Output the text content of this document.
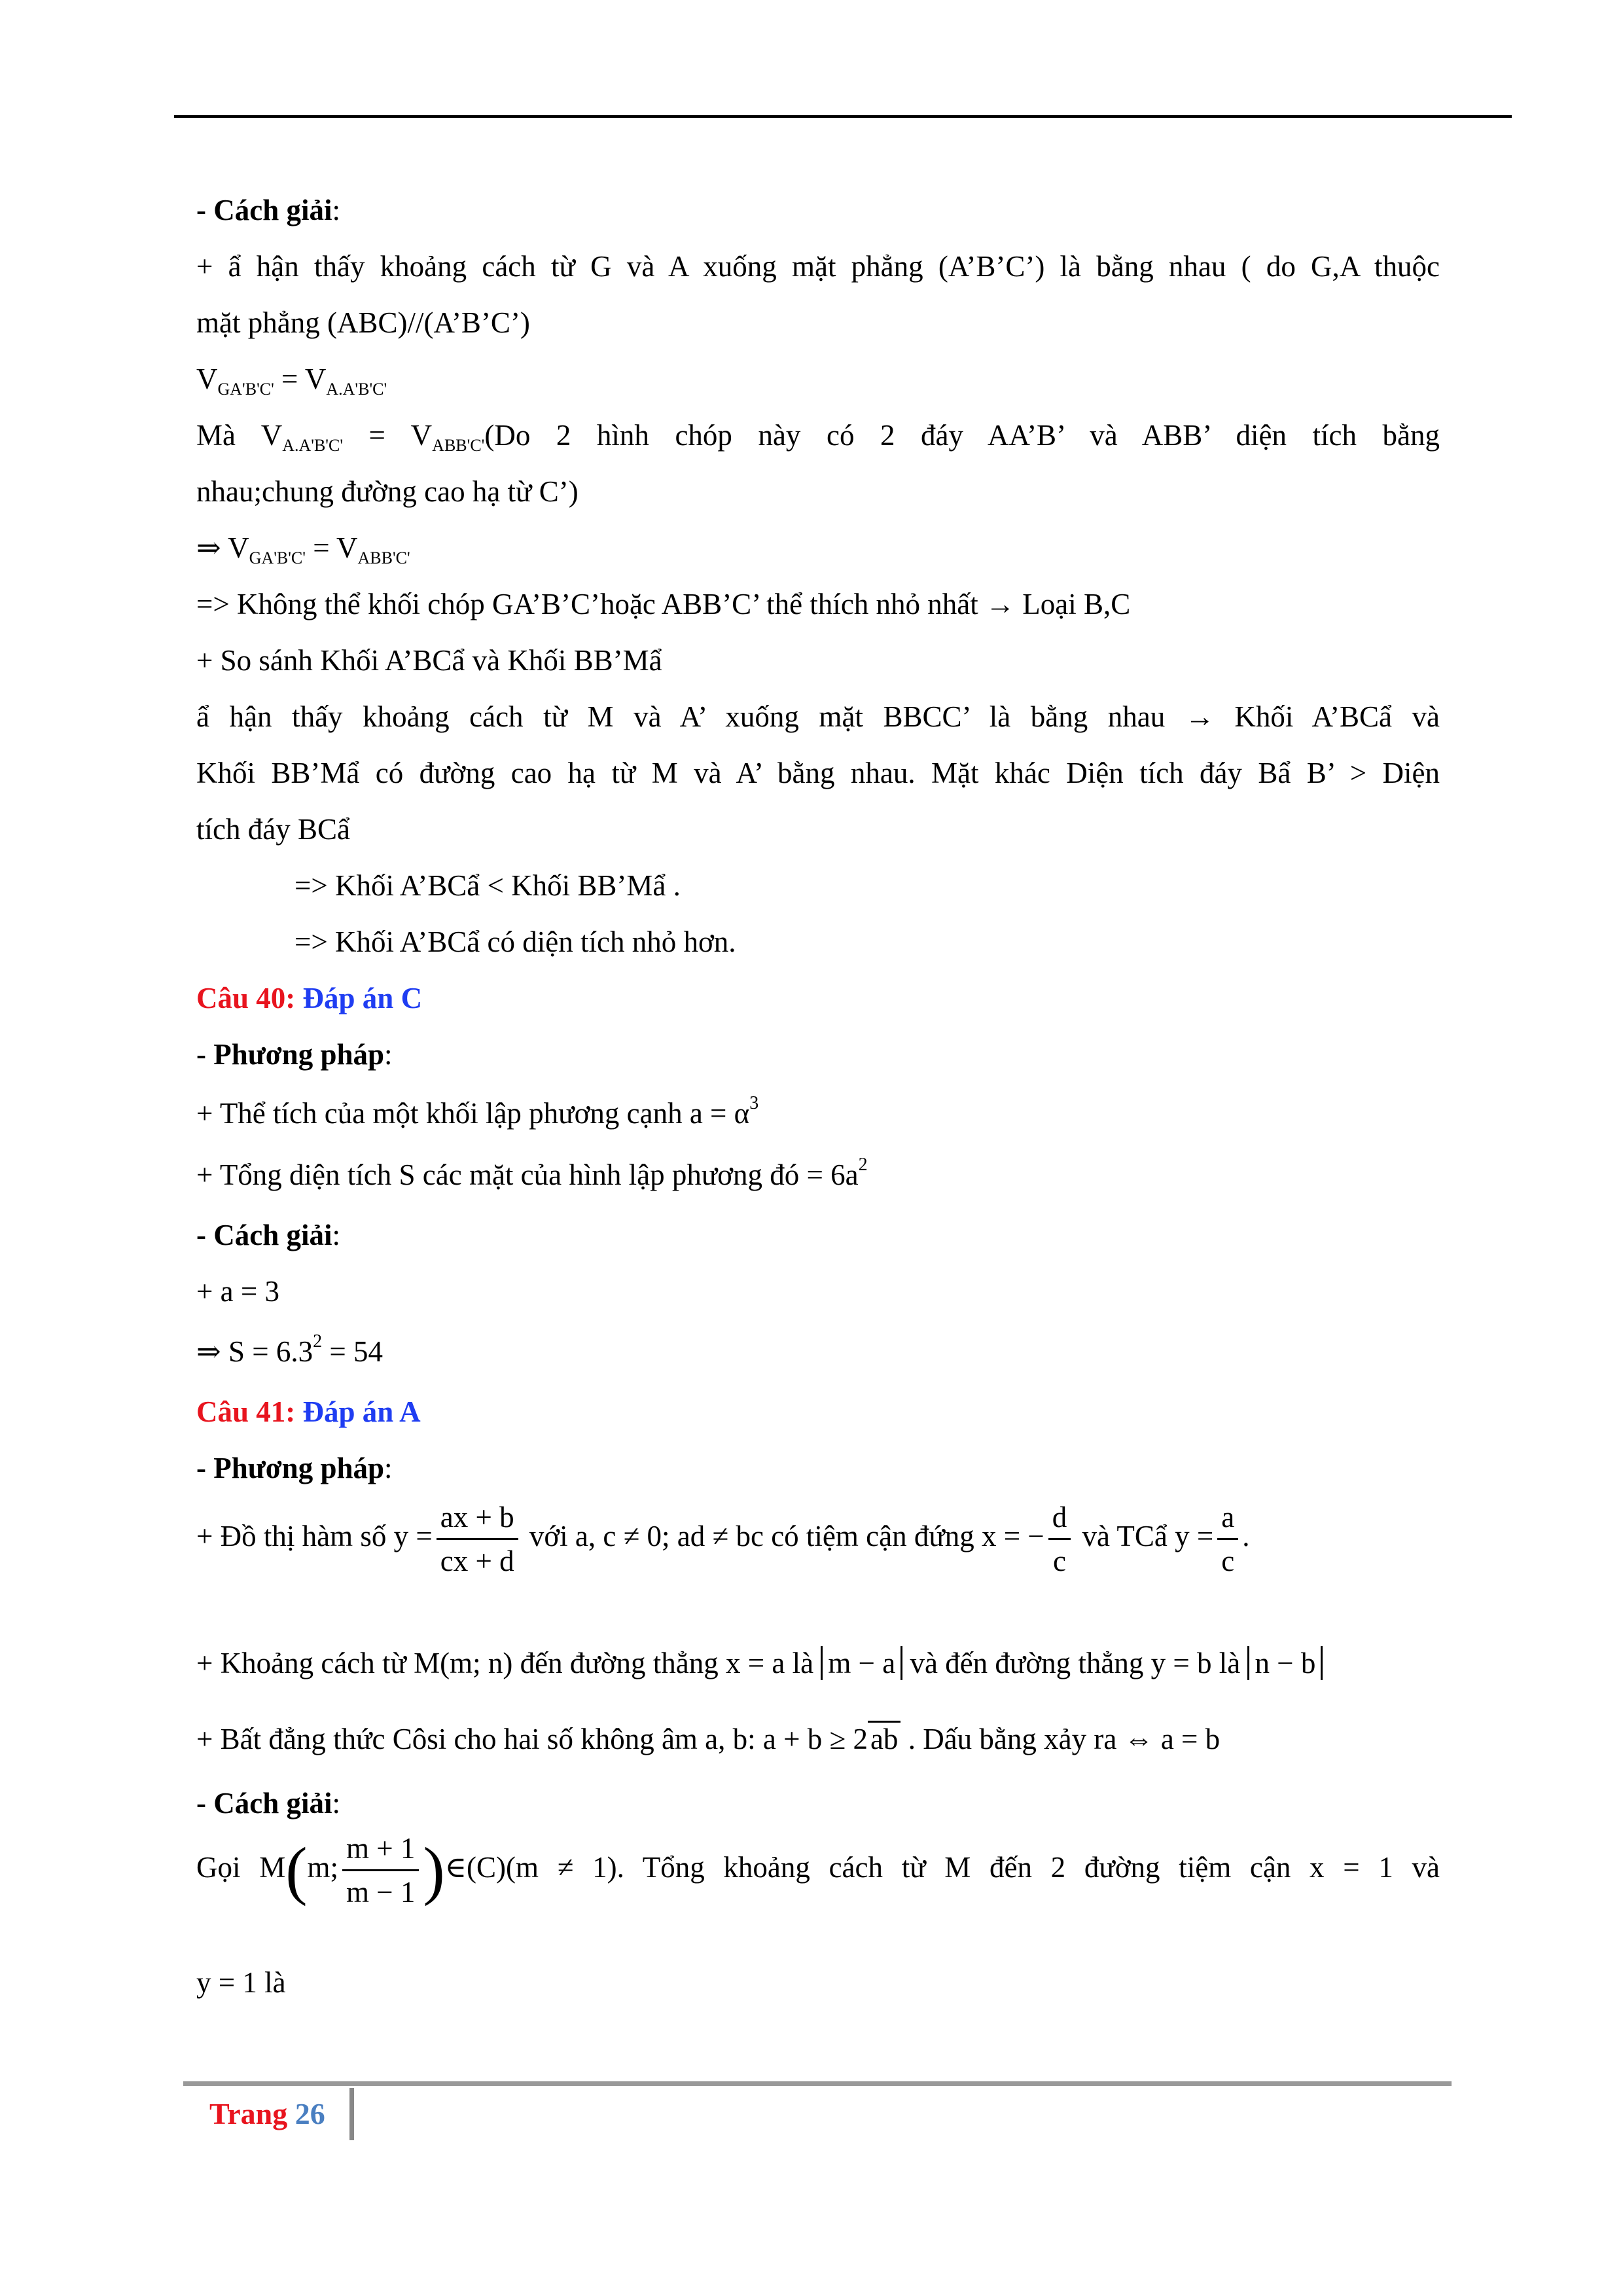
- Cách giải:
+ ẩ hận thấy khoảng cách từ G và A xuống mặt phẳng (A’B’C’) là bằng nhau ( do G,A thuộc
mặt phẳng (ABC)//(A’B’C’)
$V_{GA'B'C'} = V_{A.A'B'C'}$
Mà $V_{A.A'B'C'} = V_{ABB'C'}(Do$ 2 hình chóp này có 2 đáy AA’B’ và ABB’ diện tích bằng
nhau;chung đường cao hạ từ C’)
⇒ $V_{GA'B'C'} = V_{ABB'C'}$
=> Không thể khối chóp GA’B’C’hoặc ABB’C’ thể thích nhỏ nhất → Loại B,C
+ So sánh Khối A’BCẩ và Khối BB’Mẩ
ẩ hận thấy khoảng cách từ M và A’ xuống mặt BBCC’ là bằng nhau → Khối A’BCẩ và
Khối BB’Mẩ có đường cao hạ từ M và A’ bằng nhau. Mặt khác Diện tích đáy Bẩ B’ > Diện
tích đáy BCẩ
=> Khối A’BCẩ < Khối BB’Mẩ .
=> Khối A’BCẩ có diện tích nhỏ hơn.
Câu 40: Đáp án C
- Phương pháp:
+ Thể tích của một khối lập phương cạnh $a = \alpha^3$
+ Tổng diện tích S các mặt của hình lập phương đó = $6a^2$
- Cách giải:
+ a = 3
⇒ $S = 6.3^2 = 54$
Câu 41: Đáp án A
- Phương pháp:
+ Đồ thị hàm số $y = \frac{ax + b}{cx + d}$ với a, c ≠ 0; ad ≠ bc có tiệm cận đứng x = − $\frac{d}{c}$ và TCẩ $y = \frac{a}{c}$ .
+ Khoảng cách từ M(m; n) đến đường thẳng x = a là m − a và đến đường thẳng y = b là n − b
+ Bất đẳng thức Côsi cho hai số không âm a, b: a + b ≥ 2ab . Dấu bằng xảy ra ⇔ a = b
- Cách giải:
Gọi M(m; $\frac{m + 1}{m - 1}$ )∈(C)(m ≠ 1). Tổng khoảng cách từ M đến 2 đường tiệm cận x = 1 và
y = 1 là
Trang 26
